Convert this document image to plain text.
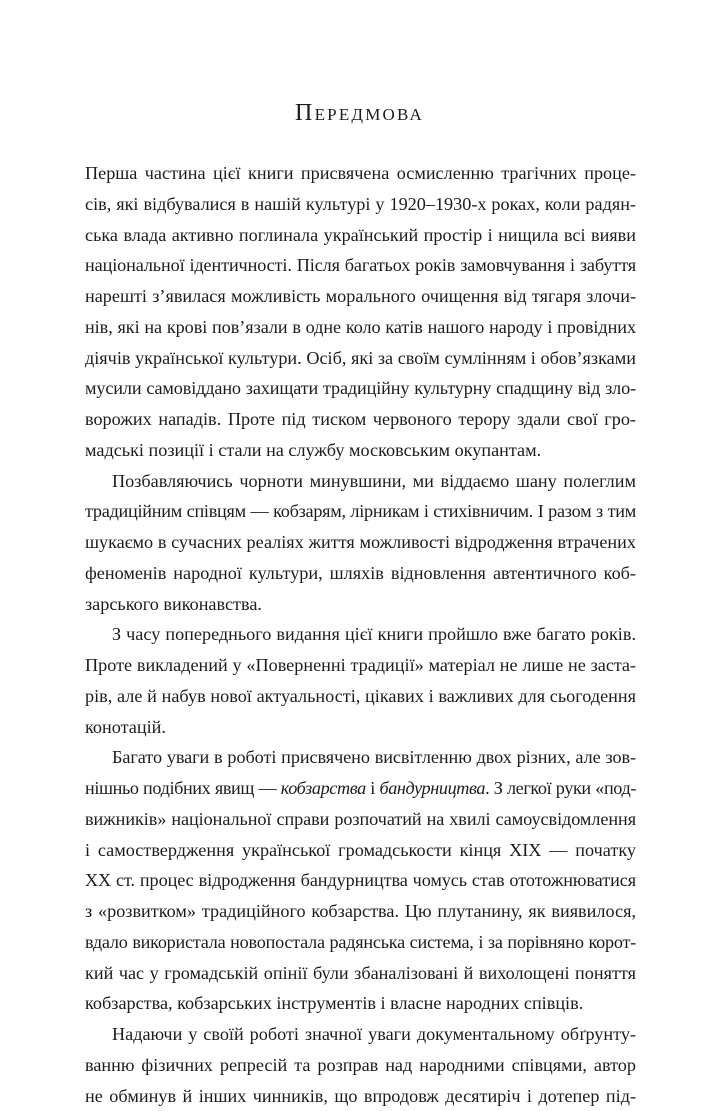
Передмова
Перша частина цієї книги присвячена осмисленню трагічних проце-
сів, які відбувалися в нашій культурі у 1920–1930-х роках, коли радян-
ська влада активно поглинала український простір і нищила всі вияви
національної ідентичності. Після багатьох років замовчування і забуття
нарешті з’явилася можливість морального очищення від тягаря злочи-
нів, які на крові пов’язали в одне коло катів нашого народу і провідних
діячів української культури. Осіб, які за своїм сумлінням і обов’язками
мусили самовіддано захищати традиційну культурну спадщину від зло-
ворожих нападів. Проте під тиском червоного терору здали свої гро-
мадські позиції і стали на службу московським окупантам.
Позбавляючись чорноти минувшини, ми віддаємо шану полеглим
традиційним співцям — кобзарям, лірникам і стихівничим. І разом з тим
шукаємо в сучасних реаліях життя можливості відродження втрачених
феноменів народної культури, шляхів відновлення автентичного коб-
зарського виконавства.
З часу попереднього видання цієї книги пройшло вже багато років.
Проте викладений у «Поверненні традиції» матеріал не лише не застa-
рів, але й набув нової актуальності, цікавих і важливих для сьогодення
конотацій.
Багато уваги в роботі присвячено висвітленню двох різних, але зов-
нішньо подібних явищ — кобзарства і бандурництва. З легкої руки «под-
вижників» національної справи розпочатий на хвилі самоусвідомлення
і самоствердження української громадськости кінця XIX — початку
XX ст. процес відродження бандурництва чомусь став ототожнюватися
з «розвитком» традиційного кобзарства. Цю плутанину, як виявилося,
вдало використала новопостала радянська система, і за порівняно корот-
кий час у громадській опінії були збаналізовані й вихолощені поняття
кобзарства, кобзарських інструментів і власне народних співців.
Надаючи у своїй роботі значної уваги документальному обґрунту-
ванню фізичних репресій та розправ над народними співцями, автор
не обминув й інших чинників, що впродовж десятиріч і дотепер під-
